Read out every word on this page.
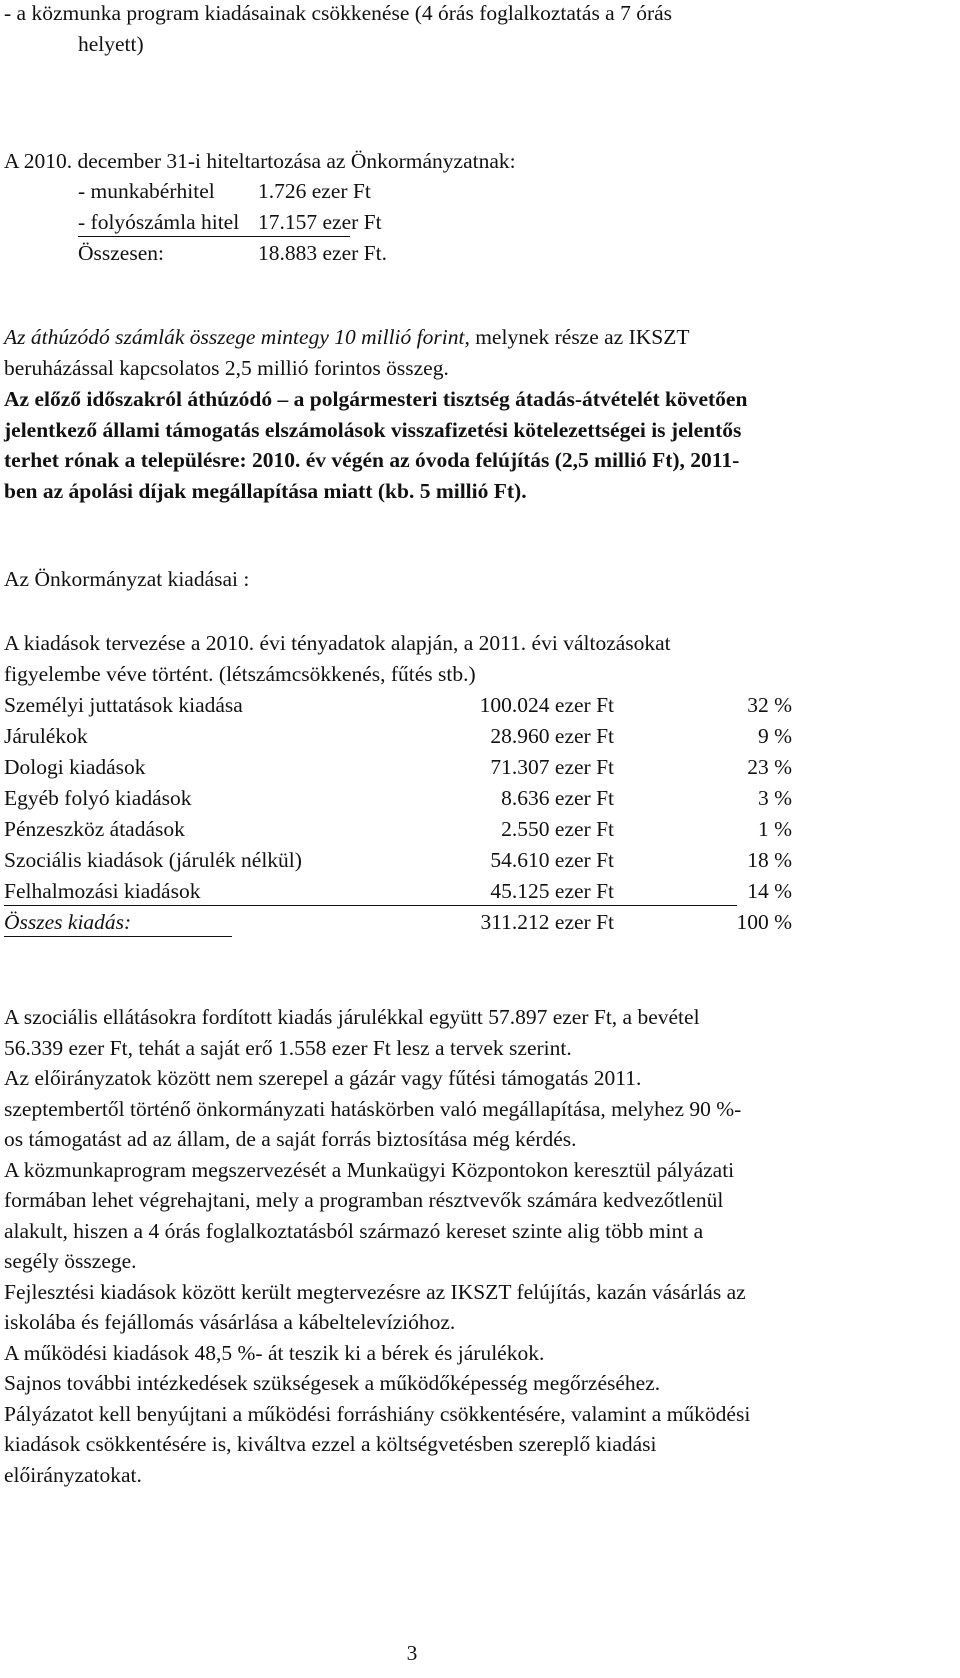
- a közmunka program kiadásainak csökkenése (4 órás foglalkoztatás a 7 órás
helyett)
A 2010. december 31-i hiteltartozása az Önkormányzatnak:
- munkabérhitel 1.726 ezer Ft
- folyószámla hitel 17.157 ezer Ft
Összesen:	18.883 ezer Ft.
Az áthúzódó számlák összege mintegy 10 millió forint, melynek része az IKSZT
beruházással kapcsolatos 2,5 millió forintos összeg.
Az előző időszakról áthúzódó – a polgármesteri tisztség átadás-átvételét követően
jelentkező állami támogatás elszámolások visszafizetési kötelezettségei is jelentős
terhet rónak a településre: 2010. év végén az óvoda felújítás (2,5 millió Ft), 2011-
ben az ápolási díjak megállapítása miatt (kb. 5 millió Ft).
Az Önkormányzat kiadásai :
A kiadások tervezése a 2010. évi tényadatok alapján, a 2011. évi változásokat
figyelembe véve történt. (létszámcsökkenés, fűtés stb.)
Személyi juttatások kiadása	100.024 ezer Ft	32 %
Járulékok	28.960 ezer Ft	9 %
Dologi kiadások	71.307 ezer Ft	23 %
Egyéb folyó kiadások	8.636 ezer Ft	3 %
Pénzeszköz átadások	2.550 ezer Ft	1 %
Szociális kiadások (járulék nélkül)	54.610 ezer Ft	18 %
Felhalmozási kiadások	45.125 ezer Ft	14 %
Összes kiadás:	311.212 ezer Ft	100 %
A szociális ellátásokra fordított kiadás járulékkal együtt 57.897 ezer Ft, a bevétel
56.339 ezer Ft, tehát a saját erő 1.558 ezer Ft lesz a tervek szerint.
Az előirányzatok között nem szerepel a gázár vagy fűtési támogatás 2011.
szeptembertől történő önkormányzati hatáskörben való megállapítása, melyhez 90 %-
os támogatást ad az állam, de a saját forrás biztosítása még kérdés.
A közmunkaprogram megszervezését a Munkaügyi Központokon keresztül pályázati
formában lehet végrehajtani, mely a programban résztvevők számára kedvezőtlenül
alakult, hiszen a 4 órás foglalkoztatásból származó kereset szinte alig több mint a
segély összege.
Fejlesztési kiadások között került megtervezésre az IKSZT felújítás, kazán vásárlás az
iskolába és fejállomás vásárlása a kábeltelevízióhoz.
A működési kiadások 48,5 %- át teszik ki a bérek és járulékok.
Sajnos további intézkedések szükségesek a működőképesség megőrzéséhez.
Pályázatot kell benyújtani a működési forráshiány csökkentésére, valamint a működési
kiadások csökkentésére is, kiváltva ezzel a költségvetésben szereplő kiadási
előirányzatokat.
3
